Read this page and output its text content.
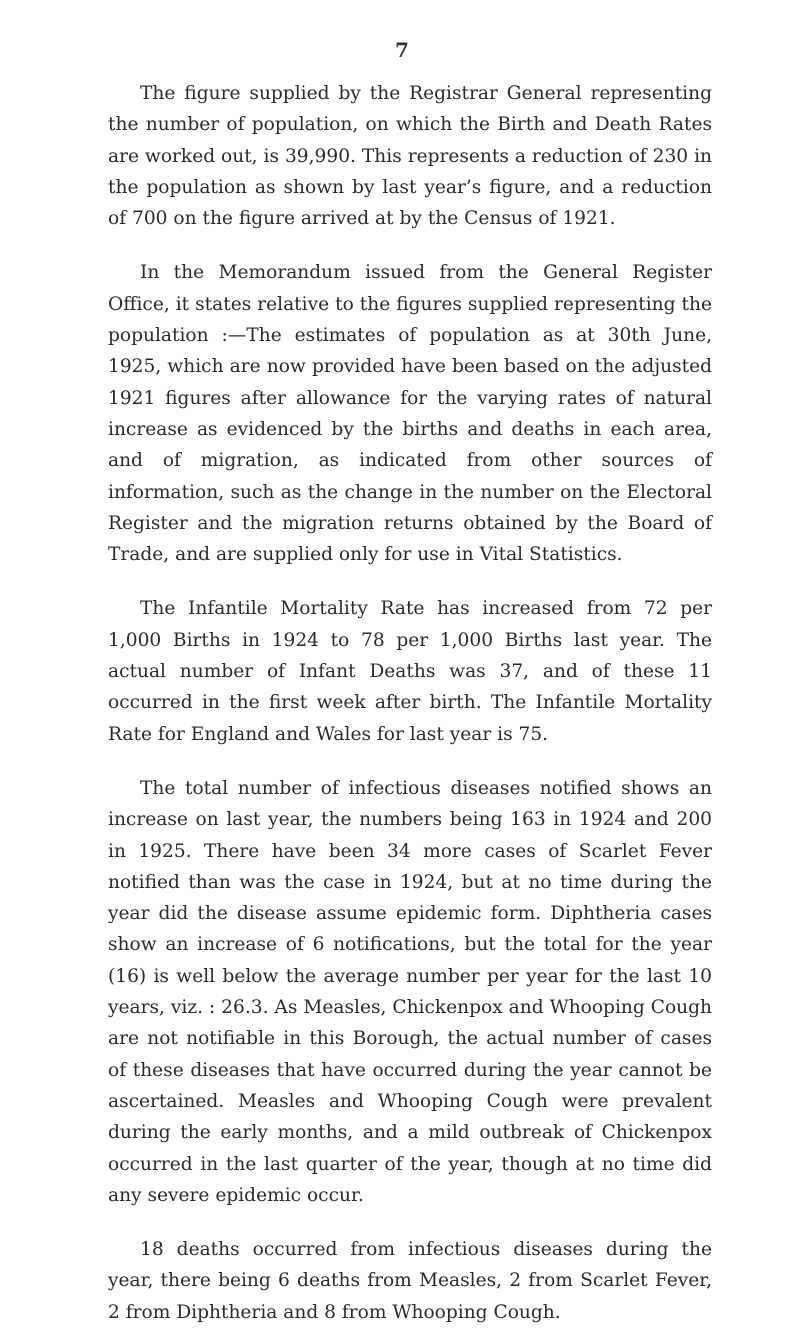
7

The figure supplied by the Registrar General representing the number of population, on which the Birth and Death Rates are worked out, is 39,990. This represents a reduction of 230 in the population as shown by last year’s figure, and a reduction of 700 on the figure arrived at by the Census of 1921.

In the Memorandum issued from the General Register Office, it states relative to the figures supplied representing the population :—The estimates of population as at 30th June, 1925, which are now provided have been based on the adjusted 1921 figures after allowance for the varying rates of natural increase as evidenced by the births and deaths in each area, and of migration, as indicated from other sources of information, such as the change in the number on the Electoral Register and the migration returns obtained by the Board of Trade, and are supplied only for use in Vital Statistics.

The Infantile Mortality Rate has increased from 72 per 1,000 Births in 1924 to 78 per 1,000 Births last year. The actual number of Infant Deaths was 37, and of these 11 occurred in the first week after birth. The Infantile Mortality Rate for England and Wales for last year is 75.

The total number of infectious diseases notified shows an increase on last year, the numbers being 163 in 1924 and 200 in 1925. There have been 34 more cases of Scarlet Fever notified than was the case in 1924, but at no time during the year did the disease assume epidemic form. Diphtheria cases show an increase of 6 notifications, but the total for the year (16) is well below the average number per year for the last 10 years, viz. : 26.3. As Measles, Chickenpox and Whooping Cough are not notifiable in this Borough, the actual number of cases of these diseases that have occurred during the year cannot be ascertained. Measles and Whooping Cough were prevalent during the early months, and a mild outbreak of Chickenpox occurred in the last quarter of the year, though at no time did any severe epidemic occur.

18 deaths occurred from infectious diseases during the year, there being 6 deaths from Measles, 2 from Scarlet Fever, 2 from Diphtheria and 8 from Whooping Cough.
